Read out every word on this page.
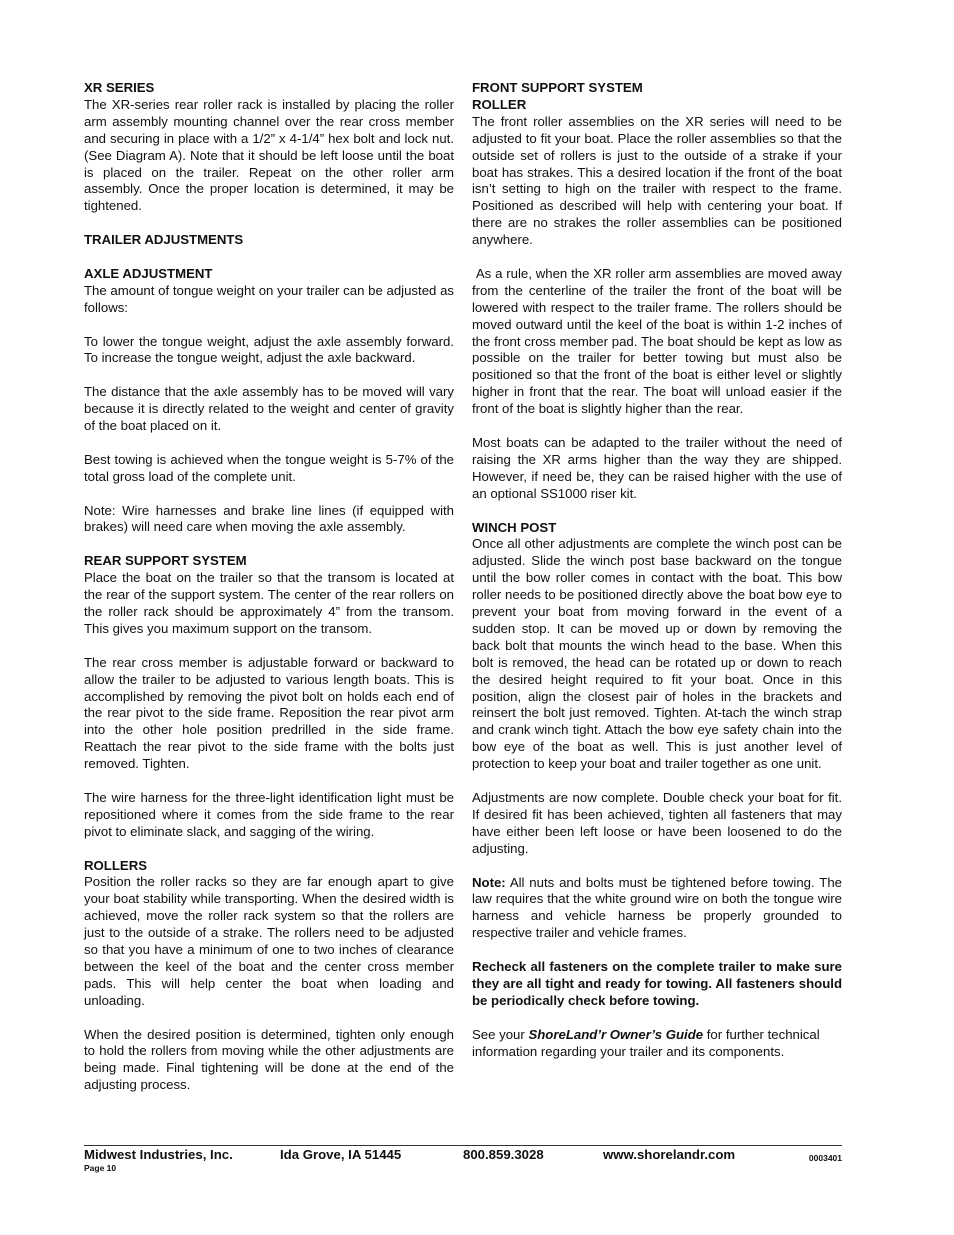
XR SERIES

The XR-series rear roller rack is installed by placing the roller arm assembly mounting channel over the rear cross member and securing in place with a 1/2” x 4-1/4” hex bolt and lock nut. (See Diagram A). Note that it should be left loose until the boat is placed on the trailer. Repeat on the other roller arm assembly. Once the proper location is determined, it may be tightened.

TRAILER ADJUSTMENTS
AXLE ADJUSTMENT

The amount of tongue weight on your trailer can be adjusted as follows:

To lower the tongue weight, adjust the axle assembly forward. To increase the tongue weight, adjust the axle backward.

The distance that the axle assembly has to be moved will vary because it is directly related to the weight and center of gravity of the boat placed on it.

Best towing is achieved when the tongue weight is 5-7% of the total gross load of the complete unit.

Note: Wire harnesses and brake line lines (if equipped with brakes) will need care when moving the axle assembly.

REAR SUPPORT SYSTEM

Place the boat on the trailer so that the transom is located at the rear of the support system. The center of the rear rollers on the roller rack should be approximately 4” from the transom. This gives you maximum support on the transom.

The rear cross member is adjustable forward or backward to allow the trailer to be adjusted to various length boats. This is accomplished by removing the pivot bolt on holds each end of the rear pivot to the side frame. Reposition the rear pivot arm into the other hole position predrilled in the side frame. Reattach the rear pivot to the side frame with the bolts just removed. Tighten.

The wire harness for the three-light identification light must be repositioned where it comes from the side frame to the rear pivot to eliminate slack, and sagging of the wiring.

ROLLERS

Position the roller racks so they are far enough apart to give your boat stability while transporting. When the desired width is achieved, move the roller rack system so that the rollers are just to the outside of a strake. The rollers need to be adjusted so that you have a minimum of one to two inches of clearance between the keel of the boat and the center cross member pads. This will help center the boat when loading and unloading.

When the desired position is determined, tighten only enough to hold the rollers from moving while the other adjustments are being made. Final tightening will be done at the end of the adjusting process.

FRONT SUPPORT SYSTEM
ROLLER

The front roller assemblies on the XR series will need to be adjusted to fit your boat. Place the roller assemblies so that the outside set of rollers is just to the outside of a strake if your boat has strakes. This a desired location if the front of the boat isn’t setting to high on the trailer with respect to the frame. Positioned as described will help with centering your boat. If there are no strakes the roller assemblies can be positioned anywhere.

As a rule, when the XR roller arm assemblies are moved away from the centerline of the trailer the front of the boat will be lowered with respect to the trailer frame. The rollers should be moved outward until the keel of the boat is within 1-2 inches of the front cross member pad. The boat should be kept as low as possible on the trailer for better towing but must also be positioned so that the front of the boat is either level or slightly higher in front that the rear. The boat will unload easier if the front of the boat is slightly higher than the rear.

Most boats can be adapted to the trailer without the need of raising the XR arms higher than the way they are shipped. However, if need be, they can be raised higher with the use of an optional SS1000 riser kit.

WINCH POST

Once all other adjustments are complete the winch post can be adjusted. Slide the winch post base backward on the tongue until the bow roller comes in contact with the boat. This bow roller needs to be positioned directly above the boat bow eye to prevent your boat from moving forward in the event of a sudden stop. It can be moved up or down by removing the back bolt that mounts the winch head to the base. When this bolt is removed, the head can be rotated up or down to reach the desired height required to fit your boat. Once in this position, align the closest pair of holes in the brackets and reinsert the bolt just removed. Tighten. At-tach the winch strap and crank winch tight. Attach the bow eye safety chain into the bow eye of the boat as well. This is just another level of protection to keep your boat and trailer together as one unit.

Adjustments are now complete. Double check your boat for fit. If desired fit has been achieved, tighten all fasteners that may have either been left loose or have been loosened to do the adjusting.

Note: All nuts and bolts must be tightened before towing. The law requires that the white ground wire on both the tongue wire harness and vehicle harness be properly grounded to respective trailer and vehicle frames.

Recheck all fasteners on the complete trailer to make sure they are all tight and ready for towing. All fasteners should be periodically check before towing.

See your ShoreLand’r Owner’s Guide for further technical information regarding your trailer and its components.

Midwest Industries, Inc.	Ida Grove, IA 51445	800.859.3028	www.shorelandr.com	0003401
Page 10
